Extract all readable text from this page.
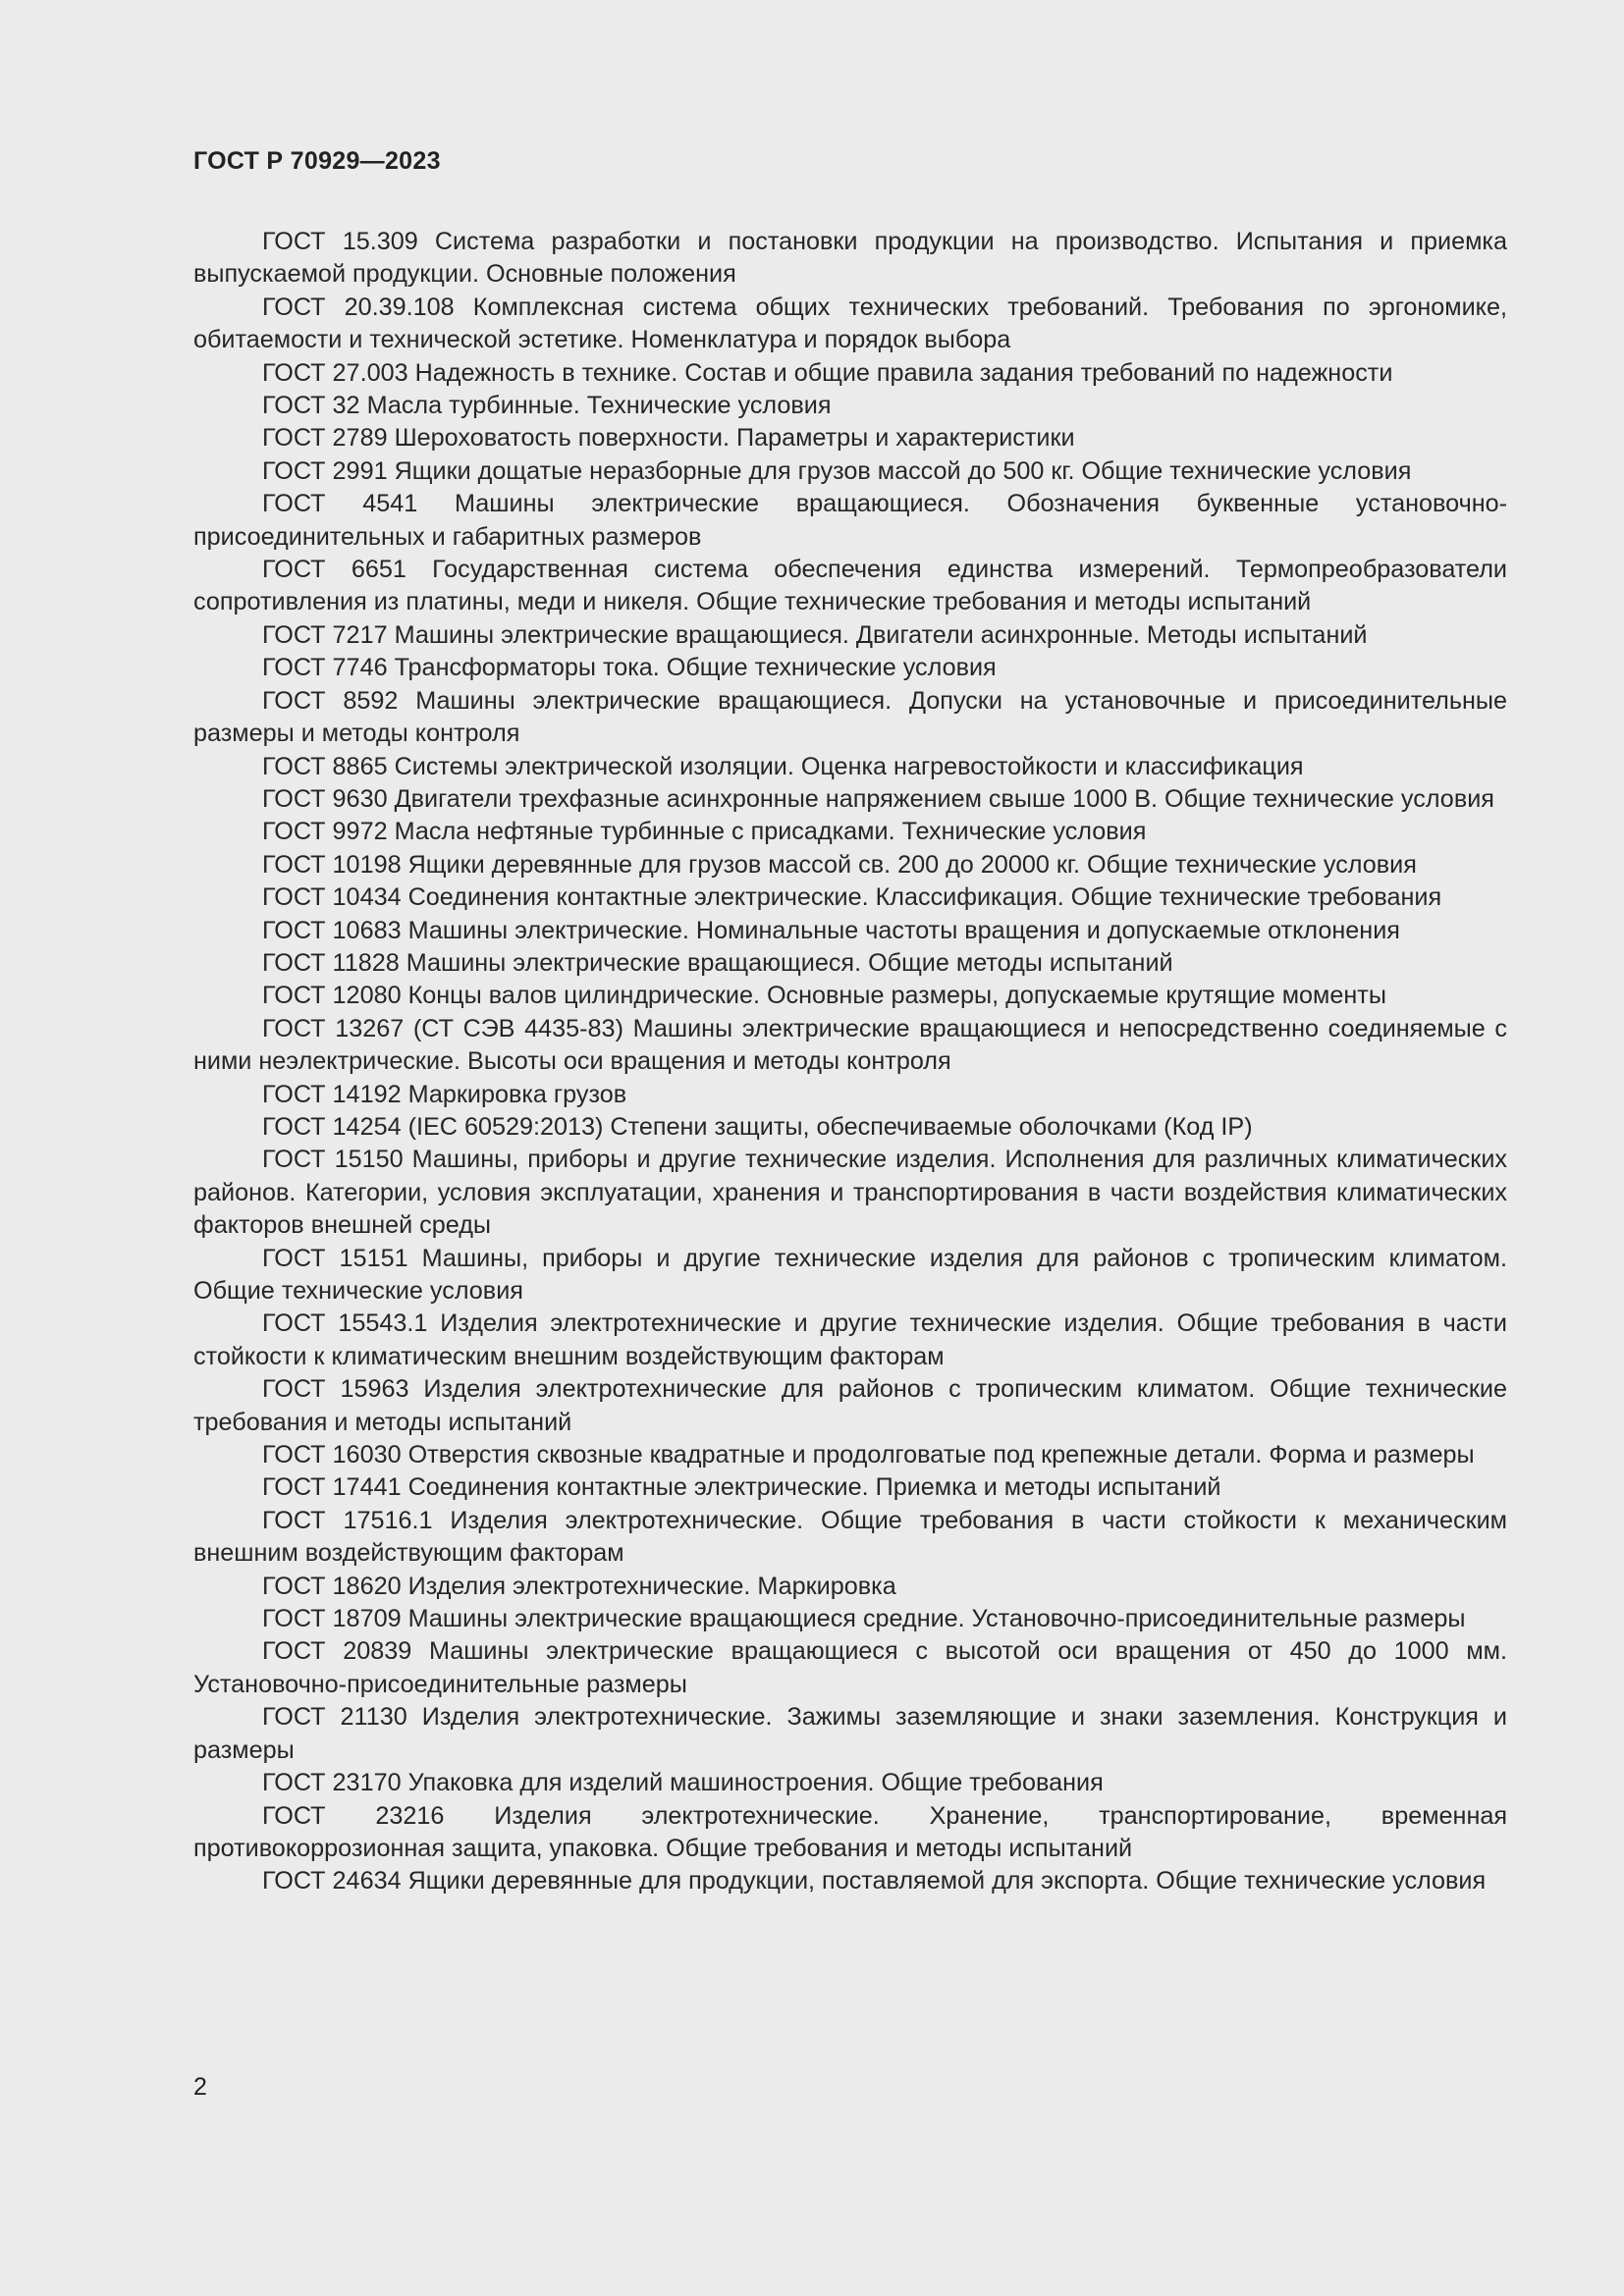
ГОСТ Р 70929—2023
ГОСТ 15.309 Система разработки и постановки продукции на производство. Испытания и приемка выпускаемой продукции. Основные положения
ГОСТ 20.39.108 Комплексная система общих технических требований. Требования по эргономике, обитаемости и технической эстетике. Номенклатура и порядок выбора
ГОСТ 27.003 Надежность в технике. Состав и общие правила задания требований по надежности
ГОСТ 32 Масла турбинные. Технические условия
ГОСТ 2789 Шероховатость поверхности. Параметры и характеристики
ГОСТ 2991 Ящики дощатые неразборные для грузов массой до 500 кг. Общие технические условия
ГОСТ 4541 Машины электрические вращающиеся. Обозначения буквенные установочно-присоединительных и габаритных размеров
ГОСТ 6651 Государственная система обеспечения единства измерений. Термопреобразователи сопротивления из платины, меди и никеля. Общие технические требования и методы испытаний
ГОСТ 7217 Машины электрические вращающиеся. Двигатели асинхронные. Методы испытаний
ГОСТ 7746 Трансформаторы тока. Общие технические условия
ГОСТ 8592 Машины электрические вращающиеся. Допуски на установочные и присоединительные размеры и методы контроля
ГОСТ 8865 Системы электрической изоляции. Оценка нагревостойкости и классификация
ГОСТ 9630 Двигатели трехфазные асинхронные напряжением свыше 1000 В. Общие технические условия
ГОСТ 9972 Масла нефтяные турбинные с присадками. Технические условия
ГОСТ 10198 Ящики деревянные для грузов массой св. 200 до 20000 кг. Общие технические условия
ГОСТ 10434 Соединения контактные электрические. Классификация. Общие технические требования
ГОСТ 10683 Машины электрические. Номинальные частоты вращения и допускаемые отклонения
ГОСТ 11828 Машины электрические вращающиеся. Общие методы испытаний
ГОСТ 12080 Концы валов цилиндрические. Основные размеры, допускаемые крутящие моменты
ГОСТ 13267 (СТ СЭВ 4435-83) Машины электрические вращающиеся и непосредственно соединяемые с ними неэлектрические. Высоты оси вращения и методы контроля
ГОСТ 14192 Маркировка грузов
ГОСТ 14254 (IEC 60529:2013) Степени защиты, обеспечиваемые оболочками (Код IP)
ГОСТ 15150 Машины, приборы и другие технические изделия. Исполнения для различных климатических районов. Категории, условия эксплуатации, хранения и транспортирования в части воздействия климатических факторов внешней среды
ГОСТ 15151 Машины, приборы и другие технические изделия для районов с тропическим климатом. Общие технические условия
ГОСТ 15543.1 Изделия электротехнические и другие технические изделия. Общие требования в части стойкости к климатическим внешним воздействующим факторам
ГОСТ 15963 Изделия электротехнические для районов с тропическим климатом. Общие технические требования и методы испытаний
ГОСТ 16030 Отверстия сквозные квадратные и продолговатые под крепежные детали. Форма и размеры
ГОСТ 17441 Соединения контактные электрические. Приемка и методы испытаний
ГОСТ 17516.1 Изделия электротехнические. Общие требования в части стойкости к механическим внешним воздействующим факторам
ГОСТ 18620 Изделия электротехнические. Маркировка
ГОСТ 18709 Машины электрические вращающиеся средние. Установочно-присоединительные размеры
ГОСТ 20839 Машины электрические вращающиеся с высотой оси вращения от 450 до 1000 мм. Установочно-присоединительные размеры
ГОСТ 21130 Изделия электротехнические. Зажимы заземляющие и знаки заземления. Конструкция и размеры
ГОСТ 23170 Упаковка для изделий машиностроения. Общие требования
ГОСТ 23216 Изделия электротехнические. Хранение, транспортирование, временная противокоррозионная защита, упаковка. Общие требования и методы испытаний
ГОСТ 24634 Ящики деревянные для продукции, поставляемой для экспорта. Общие технические условия
2
